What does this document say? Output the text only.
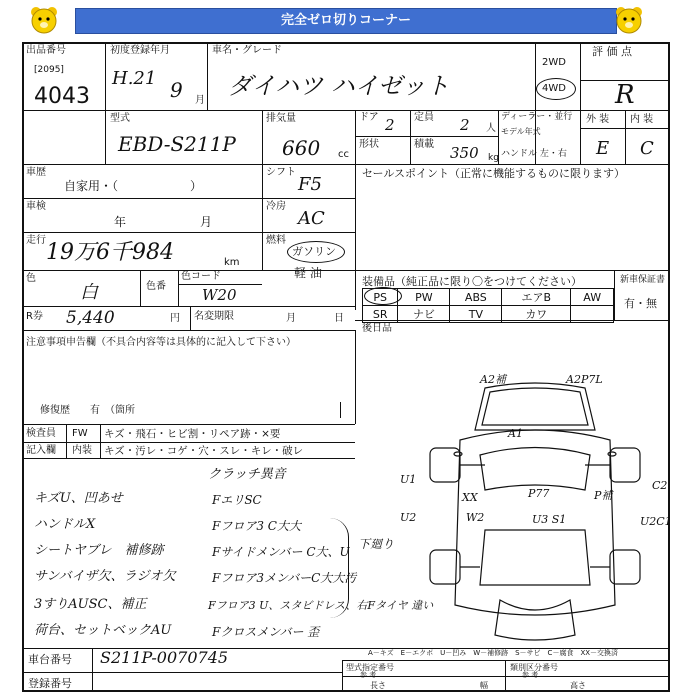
完全ゼロ切りコーナー
出品番号
[2095]
4043
初度登録年月
H.21 9 月
車名・グレード
ダイハツ ハイゼット
2WD
4WD
評 価 点
R
型式
EBD-S211P
排気量
660 cc
ドア 2 定員 2 人
形状	積載 350 kg
ディーラー・並行
モデル年式
ハンドル 左・右
外 装 内 装
E C
車歴
自家用・（　　　　　　）
シフト
F5
セールスポイント（正常に機能するものに限ります）
車検
年	月
冷房
AC
走行 19万6千984	km
燃料
ガソリン
軽 油
色
白	色番
色コード
W20
装備品（純正品に限り〇をつけてください）	新車保証書
PS	PW	ABS	エアB	AW
SR	ナビ	TV	カワ	
有・無
R券 5,440	円 名変期限	月	日
後日品
注意事項申告欄（不具合内容等は具体的に記入して下さい）
修復歴　　有　（箇所
検査員 FW キズ・飛石・ヒビ割・リペア跡・×要
記入欄 内装 キズ・汚レ・コゲ・穴・スレ・キレ・破レ
クラッチ異音
キズU、凹あせ
ハンドルX
シートヤブレ　補修跡
サンバイザ欠、ラジオ欠
3すりAUSC、補正
荷台、セットベックAU
FエリSC
Fフロア3 C大大
Fサイドメンバー C大、U
Fフロア3メンバーC大大汚
Fフロア3 U、スタビドレス、右Fタイヤ 違い
Fクロスメンバー 歪
下廻り
A2補	A2P7L
A1
U1	C2
U2	U2C1
W2
XX
U3 S1
P77	P補
A－キズ　E－エクボ　U－凹み　W－補修跡　S－サビ　C－腐食　XX－交換済
車台番号 S211P-0070745
登録番号
型式指定番号
参 考
類別区分番号
参 考
長さ	幅	高さ
